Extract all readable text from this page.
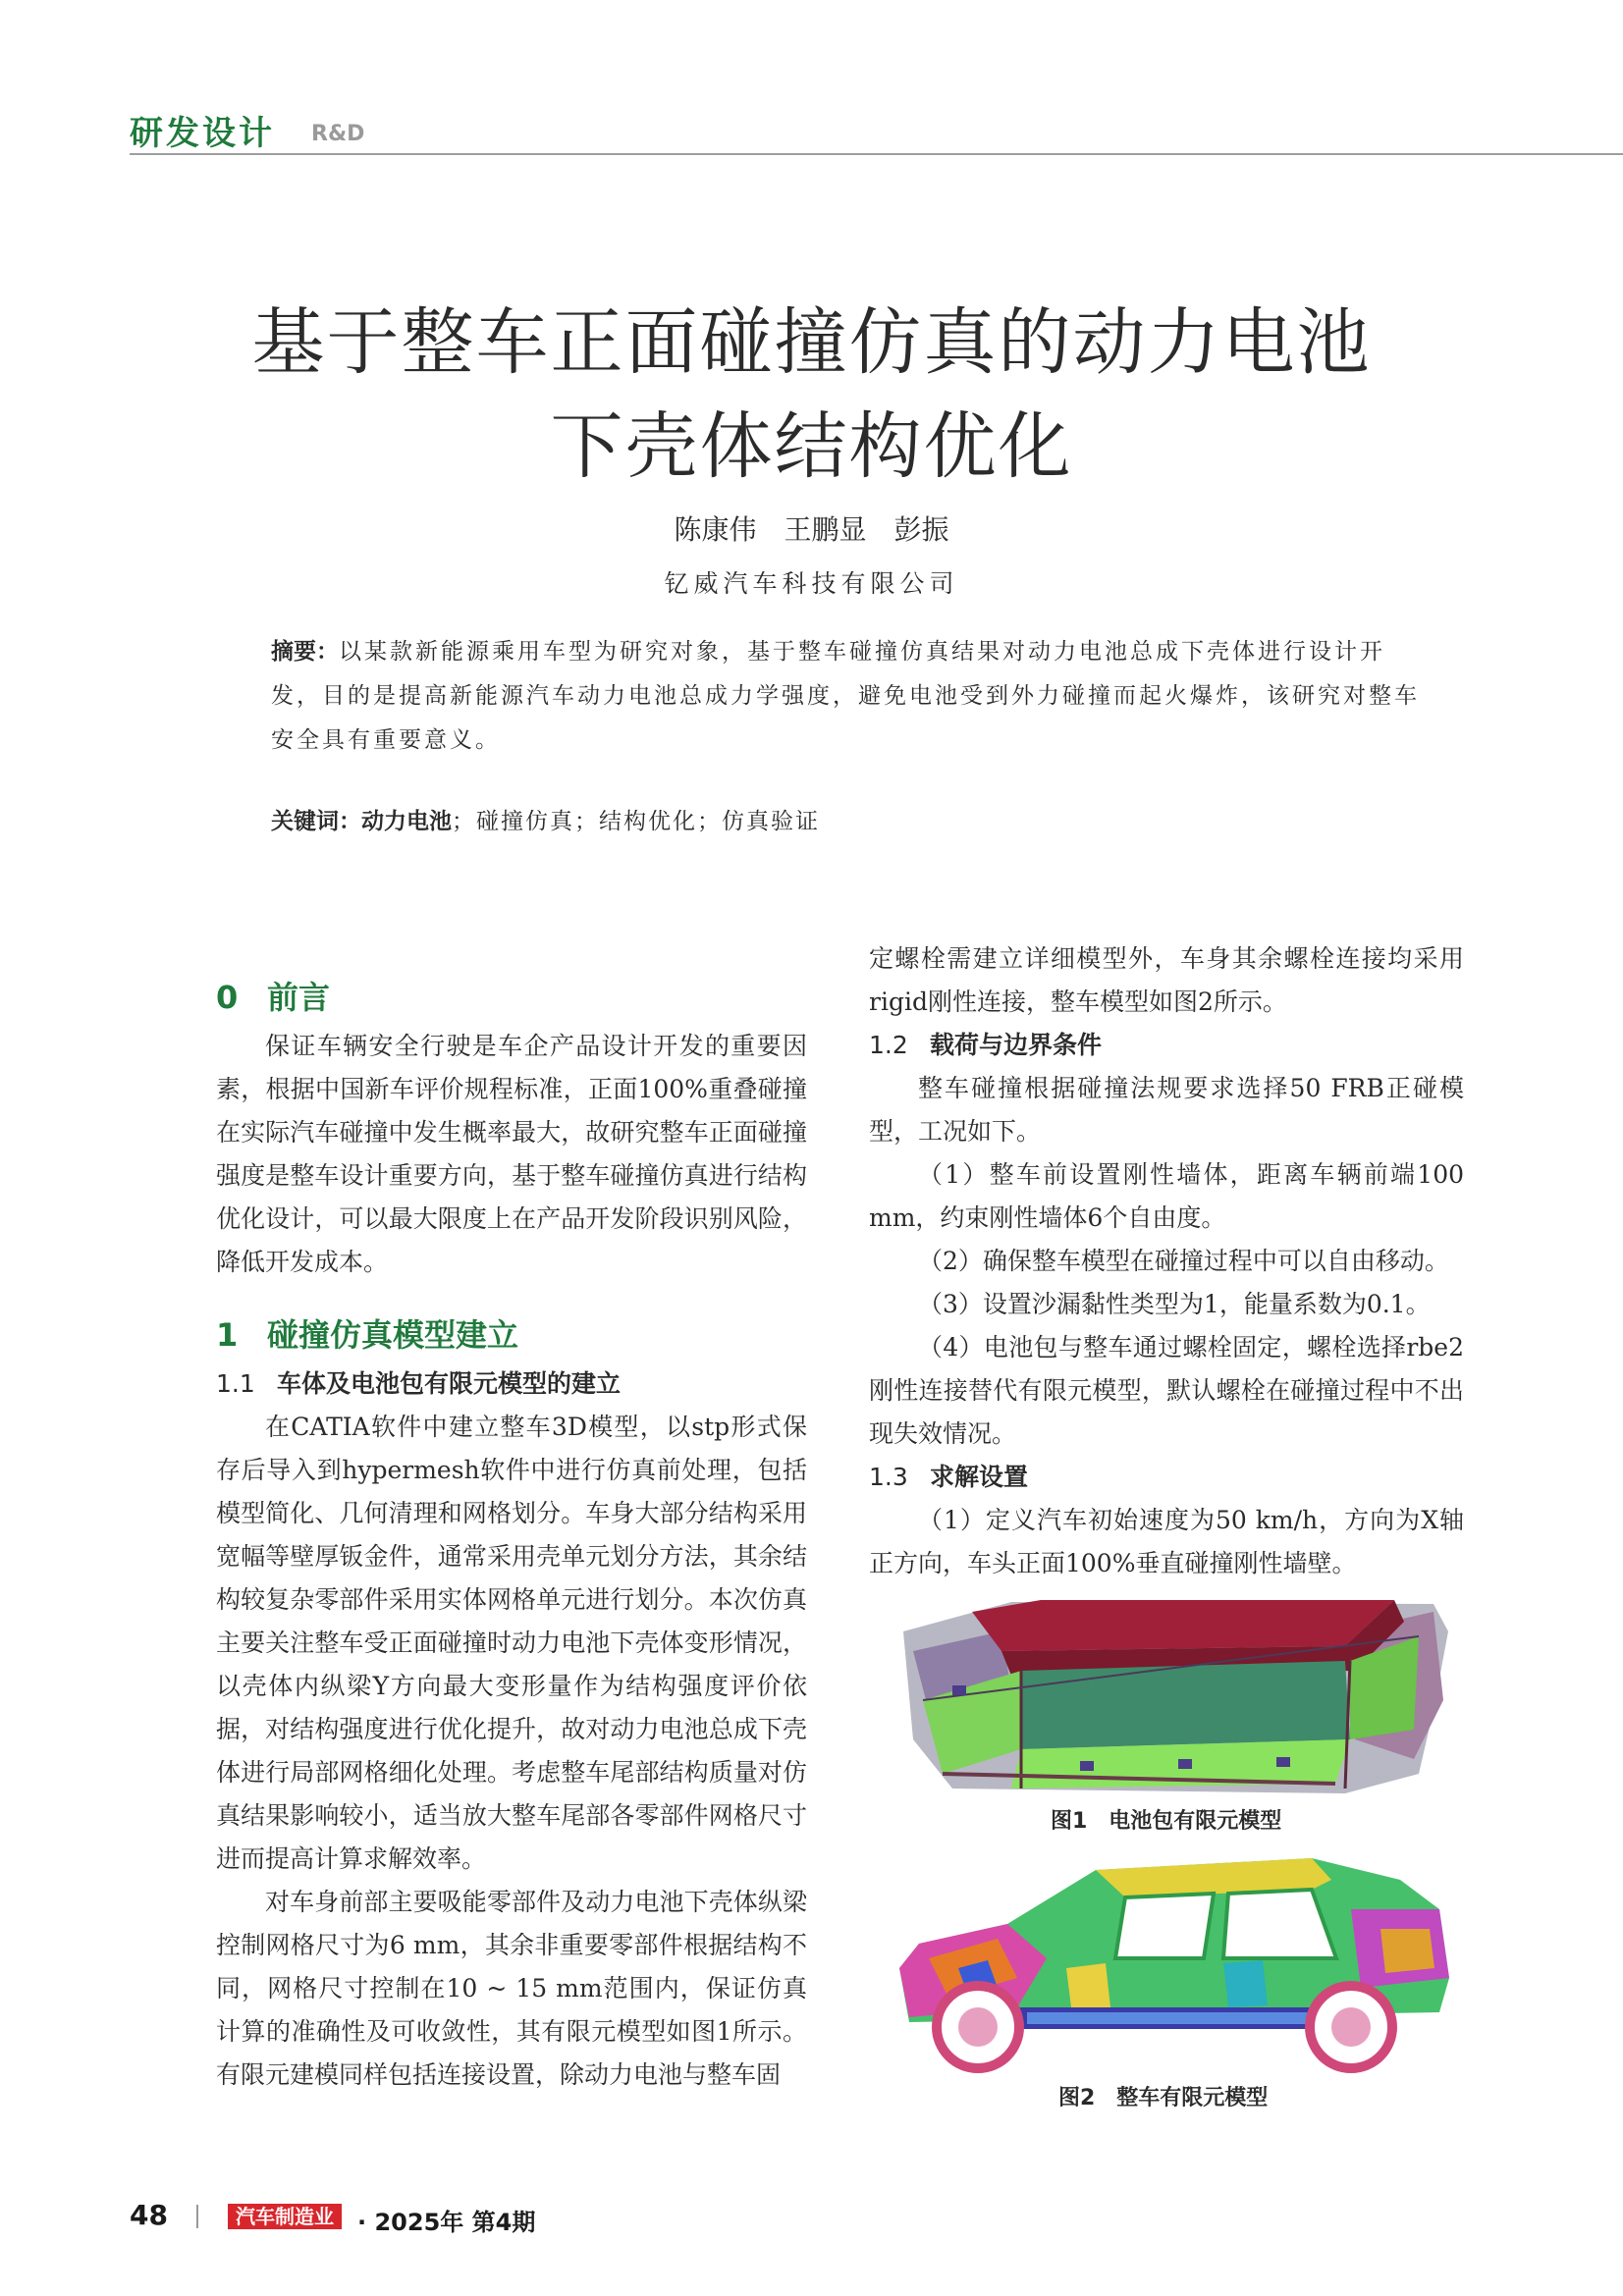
研发设计 R&D
基于整车正面碰撞仿真的动力电池
下壳体结构优化
陈康伟　王鹏显　彭振
钇威汽车科技有限公司
摘要：以某款新能源乘用车型为研究对象，基于整车碰撞仿真结果对动力电池总成下壳体进行设计开发，目的是提高新能源汽车动力电池总成力学强度，避免电池受到外力碰撞而起火爆炸，该研究对整车安全具有重要意义。
关键词：动力电池；碰撞仿真；结构优化；仿真验证
0 前言

保证车辆安全行驶是车企产品设计开发的重要因素，根据中国新车评价规程标准，正面100%重叠碰撞在实际汽车碰撞中发生概率最大，故研究整车正面碰撞强度是整车设计重要方向，基于整车碰撞仿真进行结构优化设计，可以最大限度上在产品开发阶段识别风险，降低开发成本。

1 碰撞仿真模型建立
1.1 车体及电池包有限元模型的建立

在CATIA软件中建立整车3D模型，以stp形式保存后导入到hypermesh软件中进行仿真前处理，包括模型简化、几何清理和网格划分。车身大部分结构采用宽幅等壁厚钣金件，通常采用壳单元划分方法，其余结构较复杂零部件采用实体网格单元进行划分。本次仿真主要关注整车受正面碰撞时动力电池下壳体变形情况，以壳体内纵梁Y方向最大变形量作为结构强度评价依据，对结构强度进行优化提升，故对动力电池总成下壳体进行局部网格细化处理。考虑整车尾部结构质量对仿真结果影响较小，适当放大整车尾部各零部件网格尺寸进而提高计算求解效率。

对车身前部主要吸能零部件及动力电池下壳体纵梁控制网格尺寸为6 mm，其余非重要零部件根据结构不同，网格尺寸控制在10 ~ 15 mm范围内，保证仿真计算的准确性及可收敛性，其有限元模型如图1所示。有限元建模同样包括连接设置，除动力电池与整车固

定螺栓需建立详细模型外，车身其余螺栓连接均采用rigid刚性连接，整车模型如图2所示。

1.2 载荷与边界条件

整车碰撞根据碰撞法规要求选择50 FRB正碰模型，工况如下。

（1）整车前设置刚性墙体，距离车辆前端100 mm，约束刚性墙体6个自由度。

（2）确保整车模型在碰撞过程中可以自由移动。

（3）设置沙漏黏性类型为1，能量系数为0.1。

（4）电池包与整车通过螺栓固定，螺栓选择rbe2刚性连接替代有限元模型，默认螺栓在碰撞过程中不出现失效情况。

1.3 求解设置

（1）定义汽车初始速度为50 km/h，方向为X轴正方向，车头正面100%垂直碰撞刚性墙壁。

图1　电池包有限元模型
图2　整车有限元模型
48	汽车制造业	· 2025年 第4期
